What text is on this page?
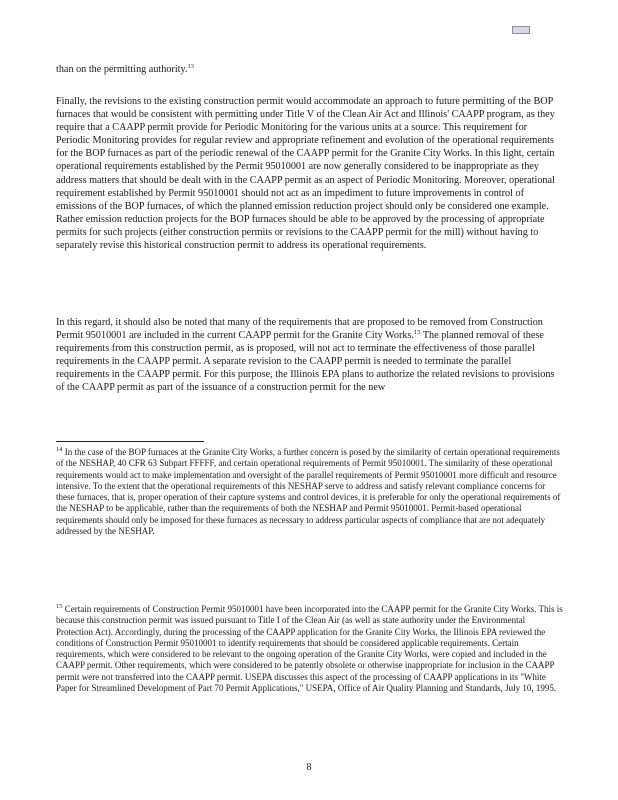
than on the permitting authority.$^{13}$

Finally, the revisions to the existing construction permit would accommodate an approach to future permitting of the BOP furnaces that would be consistent with permitting under Title V of the Clean Air Act and Illinois' CAAPP program, as they require that a CAAPP permit provide for Periodic Monitoring for the various units at a source. This requirement for Periodic Monitoring provides for regular review and appropriate refinement and evolution of the operational requirements for the BOP furnaces as part of the periodic renewal of the CAAPP permit for the Granite City Works. In this light, certain operational requirements established by the Permit 95010001 are now generally considered to be inappropriate as they address matters that should be dealt with in the CAAPP permit as an aspect of Periodic Monitoring. Moreover, operational requirement established by Permit 95010001 should not act as an impediment to future improvements in control of emissions of the BOP furnaces, of which the planned emission reduction project should only be considered one example. Rather emission reduction projects for the BOP furnaces should be able to be approved by the processing of appropriate permits for such projects (either construction permits or revisions to the CAAPP permit for the mill) without having to separately revise this historical construction permit to address its operational requirements.

In this regard, it should also be noted that many of the requirements that are proposed to be removed from Construction Permit 95010001 are included in the current CAAPP permit for the Granite City Works.$^{15}$ The planned removal of these requirements from this construction permit, as is proposed, will not act to terminate the effectiveness of those parallel requirements in the CAAPP permit. A separate revision to the CAAPP permit is needed to terminate the parallel requirements in the CAAPP permit. For this purpose, the Illinois EPA plans to authorize the related revisions to provisions of the CAAPP permit as part of the issuance of a construction permit for the new

$^{14}$ In the case of the BOP furnaces at the Granite City Works, a further concern is posed by the similarity of certain operational requirements of the NESHAP, 40 CFR 63 Subpart FFFFF, and certain operational requirements of Permit 95010001. The similarity of these operational requirements would act to make implementation and oversight of the parallel requirements of Permit 95010001 more difficult and resource intensive. To the extent that the operational requirements of this NESHAP serve to address and satisfy relevant compliance concerns for these furnaces, that is, proper operation of their capture systems and control devices, it is preferable for only the operational requirements of the NESHAP to be applicable, rather than the requirements of both the NESHAP and Permit 95010001. Permit-based operational requirements should only be imposed for these furnaces as necessary to address particular aspects of compliance that are not adequately addressed by the NESHAP.

$^{15}$ Certain requirements of Construction Permit 95010001 have been incorporated into the CAAPP permit for the Granite City Works. This is because this construction permit was issued pursuant to Title I of the Clean Air (as well as state authority under the Environmental Protection Act). Accordingly, during the processing of the CAAPP application for the Granite City Works, the Illinois EPA reviewed the conditions of Construction Permit 95010001 to identify requirements that should be considered applicable requirements. Certain requirements, which were considered to be relevant to the ongoing operation of the Granite City Works, were copied and included in the CAAPP permit. Other requirements, which were considered to be patently obsolete or otherwise inappropriate for inclusion in the CAAPP permit were not transferred into the CAAPP permit. USEPA discusses this aspect of the processing of CAAPP applications in its "White Paper for Streamlined Development of Part 70 Permit Applications," USEPA, Office of Air Quality Planning and Standards, July 10, 1995.

8
